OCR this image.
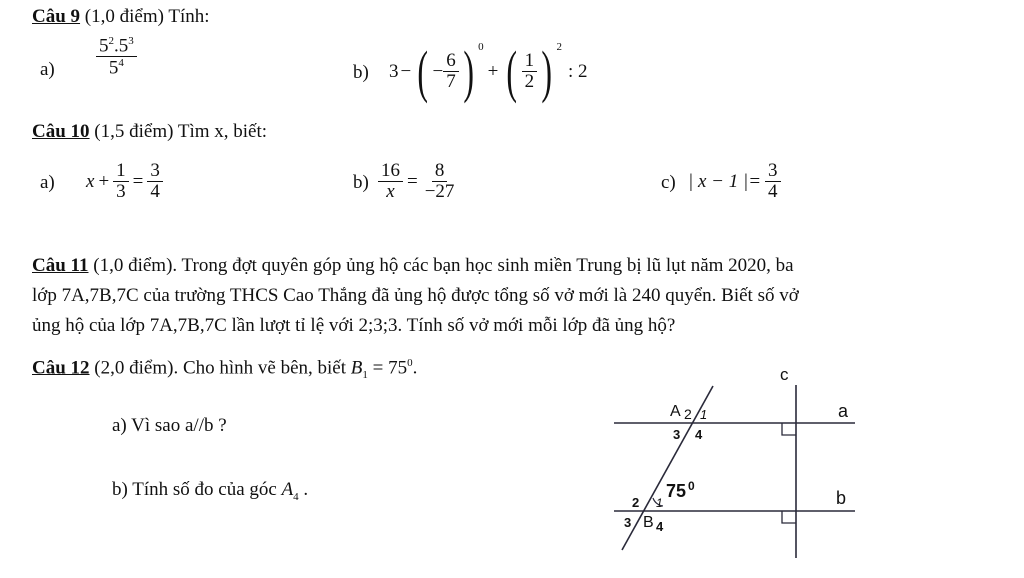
Câu 9 (1,0 điểm) Tính:
$a) \frac{5^2.5^3}{5^4}$	b) 3 − ( − $\frac{6}{7}$ ) $^0$
+ ( $\frac{1}{2}$ ) $^2$
: 2
Câu 10 (1,5 điểm) Tìm x, biết:
a) $x + \frac{1}{3} = \frac{3}{4}$	$b) \frac{16}{x} = \frac{8}{-27}$	c) | x − 1 |= $\frac{3}{4}$
Câu 11 (1,0 điểm). Trong đợt quyên góp ủng hộ các bạn học sinh miền Trung bị lũ lụt năm 2020, ba
lớp 7A,7B,7C của trường THCS Cao Thắng đã ủng hộ được tổng số vở mới là 240 quyển. Biết số vở
ủng hộ của lớp 7A,7B,7C lần lượt tỉ lệ với 2;3;3. Tính số vở mới mỗi lớp đã ủng hộ?
Câu 12 (2,0 điểm). Cho hình vẽ bên, biết $B_1 = 75^0$.
a) Vì sao a//b ?
b) Tính số đo của góc $A_4$ .
c
a
b
A 2 1
3 4
2 1
75 0
3 B 4
